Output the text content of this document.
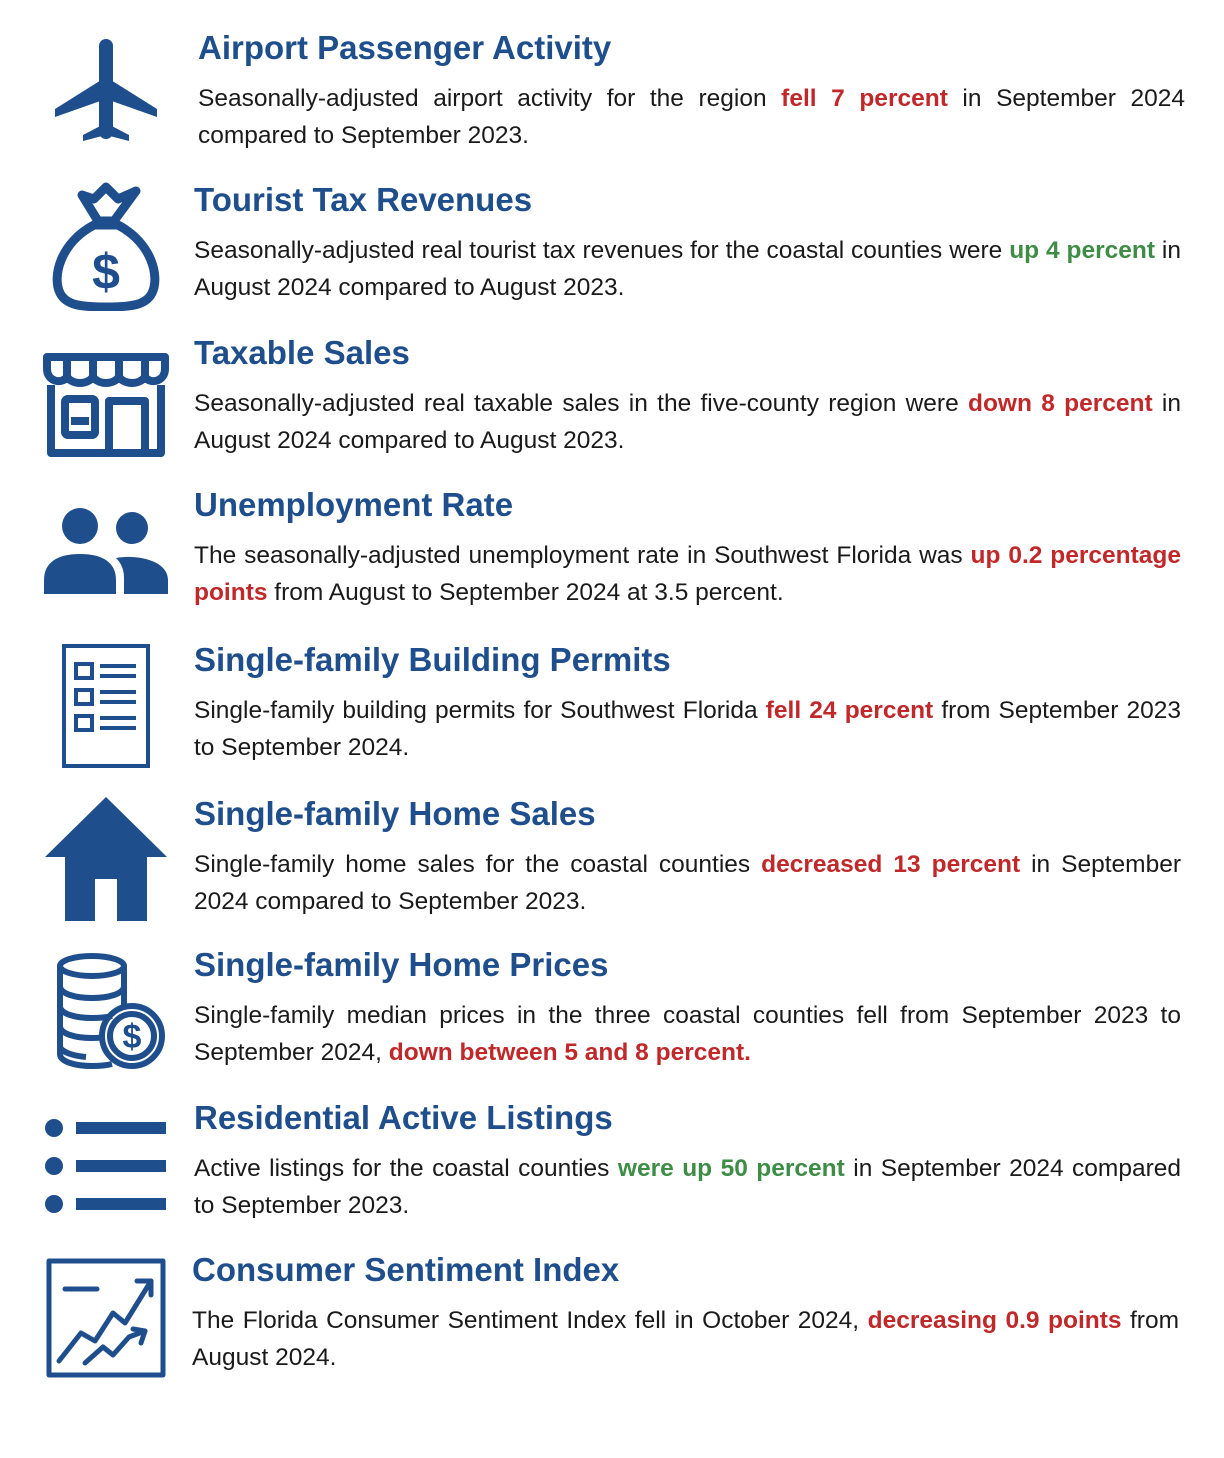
Airport Passenger Activity

Seasonally-adjusted airport activity for the region fell 7 percent in September 2024 compared to September 2023.

$
Tourist Tax Revenues

Seasonally-adjusted real tourist tax revenues for the coastal counties were up 4 percent in August 2024 compared to August 2023.

Taxable Sales

Seasonally-adjusted real taxable sales in the five-county region were down 8 percent in August 2024 compared to August 2023.

Unemployment Rate

The seasonally-adjusted unemployment rate in Southwest Florida was up 0.2 percentage points from August to September 2024 at 3.5 percent.

Single-family Building Permits

Single-family building permits for Southwest Florida fell 24 percent from September 2023 to September 2024.

Single-family Home Sales

Single-family home sales for the coastal counties decreased 13 percent in September 2024 compared to September 2023.

$
Single-family Home Prices

Single-family median prices in the three coastal counties fell from September 2023 to September 2024, down between 5 and 8 percent.

Residential Active Listings

Active listings for the coastal counties were up 50 percent in September 2024 compared to September 2023.

Consumer Sentiment Index

The Florida Consumer Sentiment Index fell in October 2024, decreasing 0.9 points from August 2024.
